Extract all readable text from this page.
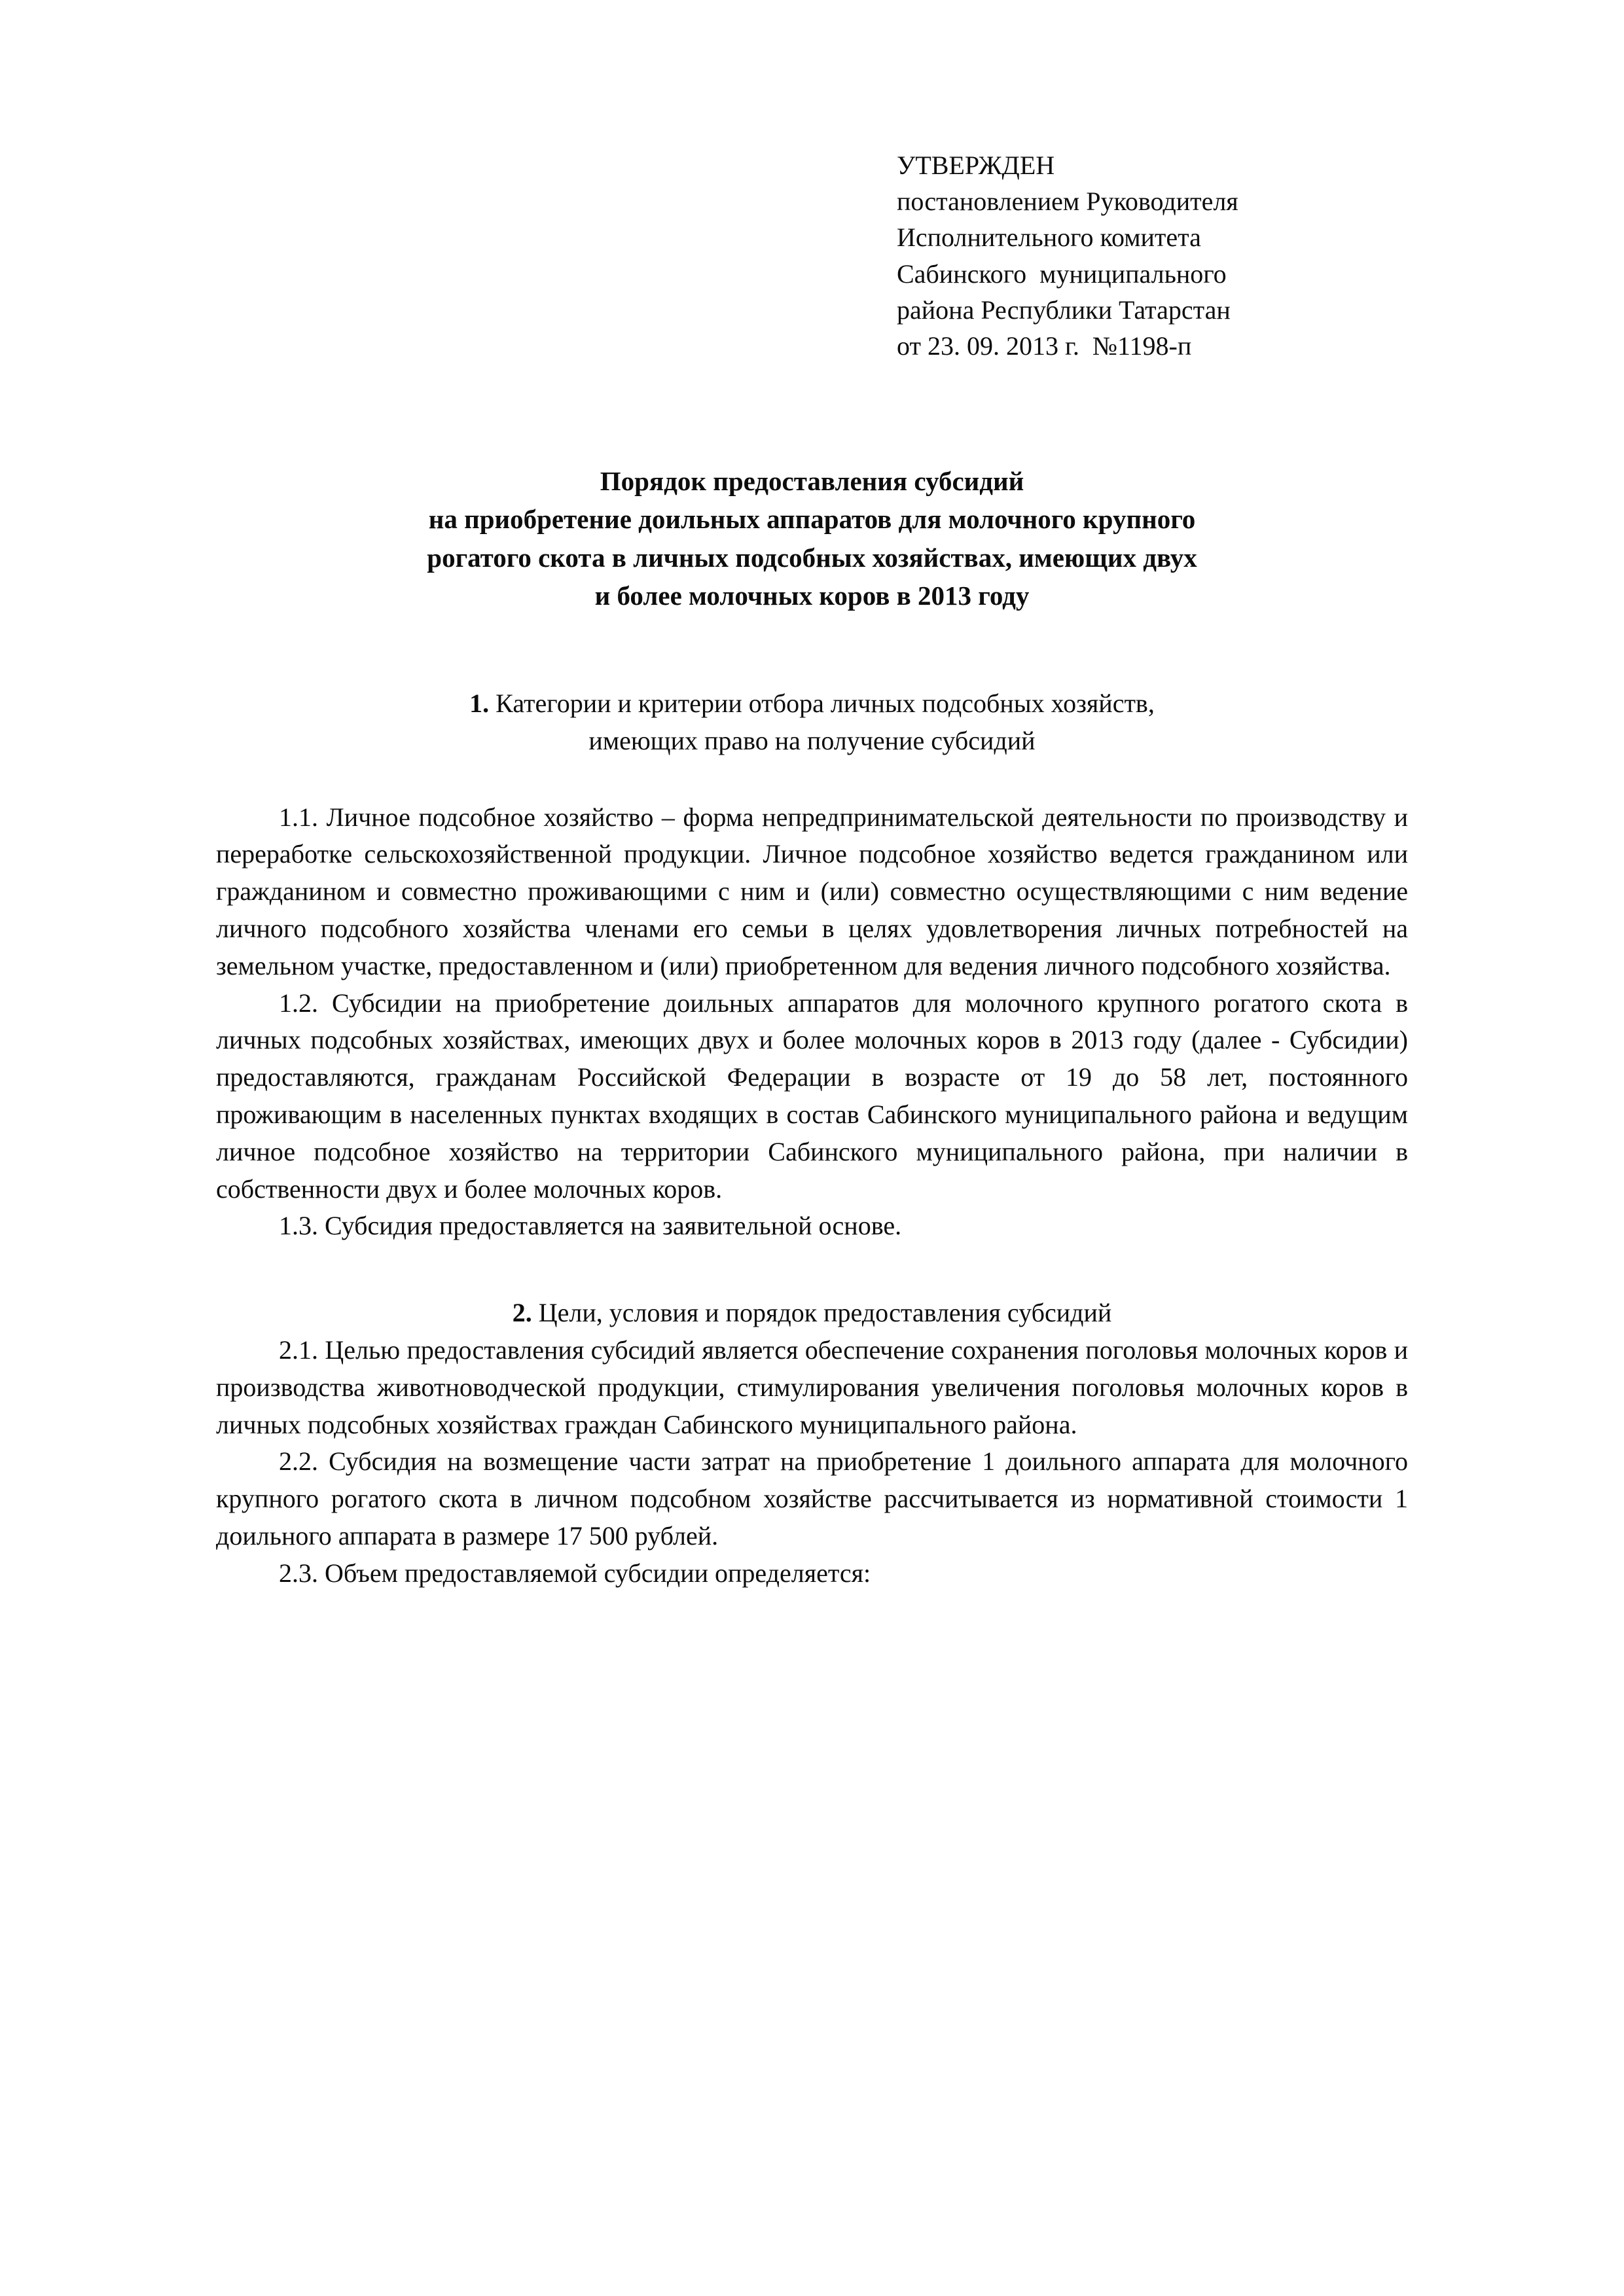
УТВЕРЖДЕН
постановлением Руководителя
Исполнительного комитета
Сабинского  муниципального
района Республики Татарстан
от 23. 09. 2013 г.  №1198-п
Порядок предоставления субсидий
на приобретение доильных аппаратов для молочного крупного
рогатого скота в личных подсобных хозяйствах, имеющих двух
и более молочных коров в 2013 году
1. Категории и критерии отбора личных подсобных хозяйств,
имеющих право на получение субсидий

1.1. Личное подсобное хозяйство – форма непредпринимательской деятельности по производству и переработке сельскохозяйственной продукции. Личное подсобное хозяйство ведется гражданином или гражданином и совместно проживающими с ним и (или) совместно осуществляющими с ним ведение личного подсобного хозяйства членами его семьи в целях удовлетворения личных потребностей на земельном участке, предоставленном и (или) приобретенном для ведения личного подсобного хозяйства.

1.2. Субсидии на приобретение доильных аппаратов для молочного крупного рогатого скота в личных подсобных хозяйствах, имеющих двух и более молочных коров в 2013 году (далее - Субсидии) предоставляются, гражданам Российской Федерации в возрасте от 19 до 58 лет, постоянного проживающим в населенных пунктах входящих в состав Сабинского муниципального района и ведущим личное подсобное хозяйство на территории Сабинского муниципального района, при наличии в собственности двух и более молочных коров.

1.3. Субсидия предоставляется на заявительной основе.

2. Цели, условия и порядок предоставления субсидий

2.1. Целью предоставления субсидий является обеспечение сохранения поголовья молочных коров и производства животноводческой продукции, стимулирования увеличения поголовья молочных коров в личных подсобных хозяйствах граждан Сабинского муниципального района.

2.2. Субсидия на возмещение части затрат на приобретение 1 доильного аппарата для молочного крупного рогатого скота в личном подсобном хозяйстве рассчитывается из нормативной стоимости 1 доильного аппарата в размере 17 500 рублей.

2.3. Объем предоставляемой субсидии определяется:
